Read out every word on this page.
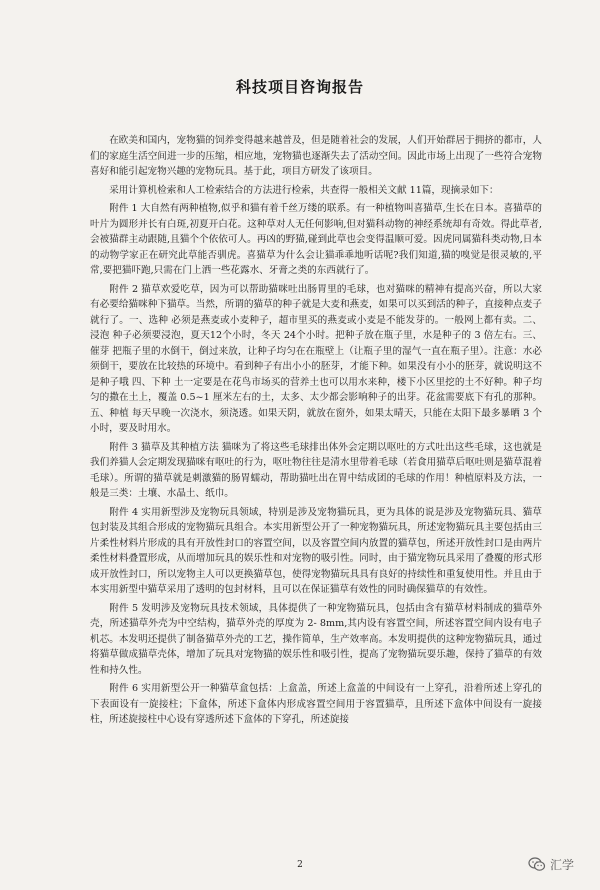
科技项目咨询报告

在欧美和国内，宠物猫的饲养变得越来越普及，但是随着社会的发展，人们开始群居于拥挤的都市，人们的家庭生活空间进一步的压缩，相应地，宠物猫也逐渐失去了活动空间。因此市场上出现了一些符合宠物喜好和能引起宠物兴趣的宠物玩具。基于此，项目方研发了该项目。

采用计算机检索和人工检索结合的方法进行检索，共查得一般相关文献 11篇，现摘录如下：

附件 1 大自然有两种植物,似乎和猫有着千丝万缕的联系。有一种植物叫喜猫草,生长在日本。喜猫草的叶片为圆形并长有白斑,初夏开白花。这种草对人无任何影响,但对猫科动物的神经系统却有奇效。得此草者,会被猫群主动跟随,且猫个个依依可人。再凶的野猫,碰到此草也会变得温顺可爱。因虎同属猫科类动物,日本的动物学家正在研究此草能否驯虎。喜猫草为什么会让猫乖乖地听话呢?我们知道,猫的嗅觉是很灵敏的,平常,要把猫吓跑,只需在门上洒一些花露水、牙膏之类的东西就行了。

附件 2 猫草欢爱吃草，因为可以帮助猫咪吐出肠胃里的毛球，也对猫咪的精神有提高兴奋，所以大家有必要给猫咪种下猫草。当然，所谓的猫草的种子就是大麦和燕麦，如果可以买到活的种子，直接种点麦子就行了。一、选种 必须是燕麦或小麦种子，超市里买的燕麦或小麦是不能发芽的。一般网上都有卖。二、浸泡 种子必须要浸泡，夏天12个小时，冬天 24个小时。把种子放在瓶子里，水是种子的 3 倍左右。三、催芽 把瓶子里的水倒干，倒过来放，让种子均匀在在瓶壁上（让瓶子里的湿气一直在瓶子里）。注意：水必须倒干，要放在比较热的环境中。看到种子有出小小的胚芽，才能下种。如果没有小小的胚芽，就说明这不是种子哦 四、下种 土一定要是在花鸟市场买的营养土也可以用水来种，楼下小区里挖的土不好种。种子均匀的撒在土上，覆盖 0.5~1 厘米左右的土，太多、太少都会影响种子的出芽。花盆需要底下有孔的那种。五、种植 每天早晚一次浇水，须浇透。如果天阴，就放在窗外，如果太晴天，只能在太阳下最多暴晒 3 个小时，要及时用水。

附件 3 猫草及其种植方法 猫咪为了将这些毛球排出体外会定期以呕吐的方式吐出这些毛球，这也就是我们养猫人会定期发现猫咪有呕吐的行为，呕吐物往往是清水里带着毛球（若食用猫草后呕吐则是猫草混着毛球）。所谓的猫草就是刺激猫的肠胃蠕动，帮助猫吐出在胃中结成团的毛球的作用！种植原料及方法，一般是三类：土壤、水晶土、纸巾。

附件 4 实用新型涉及宠物玩具领域，特别是涉及宠物猫玩具，更为具体的说是涉及宠物猫玩具、猫草包封装及其组合形成的宠物猫玩具组合。本实用新型公开了一种宠物猫玩具，所述宠物猫玩具主要包括由三片柔性材料片形成的具有开放性封口的容置空间，以及容置空间内放置的猫草包，所述开放性封口是由两片柔性材料叠置形成，从而增加玩具的娱乐性和对宠物的吸引性。同时，由于猫宠物玩具采用了叠覆的形式形成开放性封口，所以宠物主人可以更换猫草包，使得宠物猫玩具具有良好的持续性和重复使用性。并且由于本实用新型中猫草采用了透明的包封材料，且可以在保证猫草有效性的同时确保猫草的有效性。

附件 5 发明涉及宠物玩具技术领域，具体提供了一种宠物猫玩具，包括由含有猫草材料制成的猫草外壳，所述猫草外壳为中空结构，猫草外壳的厚度为 2- 8mm,其内设有容置空间，所述容置空间内设有电子机芯。本发明还提供了制备猫草外壳的工艺，操作简单，生产效率高。本发明提供的这种宠物猫玩具，通过将猫草做成猫草壳体，增加了玩具对宠物猫的娱乐性和吸引性，提高了宠物猫玩耍乐趣，保持了猫草的有效性和持久性。

附件 6 实用新型公开一种猫草盒包括：上盒盖，所述上盒盖的中间设有一上穿孔，沿着所述上穿孔的下表面设有一旋接柱；下盒体，所述下盒体内形成容置空间用于容置猫草，且所述下盒体中间设有一旋接柱，所述旋接柱中心设有穿透所述下盒体的下穿孔，所述旋接

2	汇学
